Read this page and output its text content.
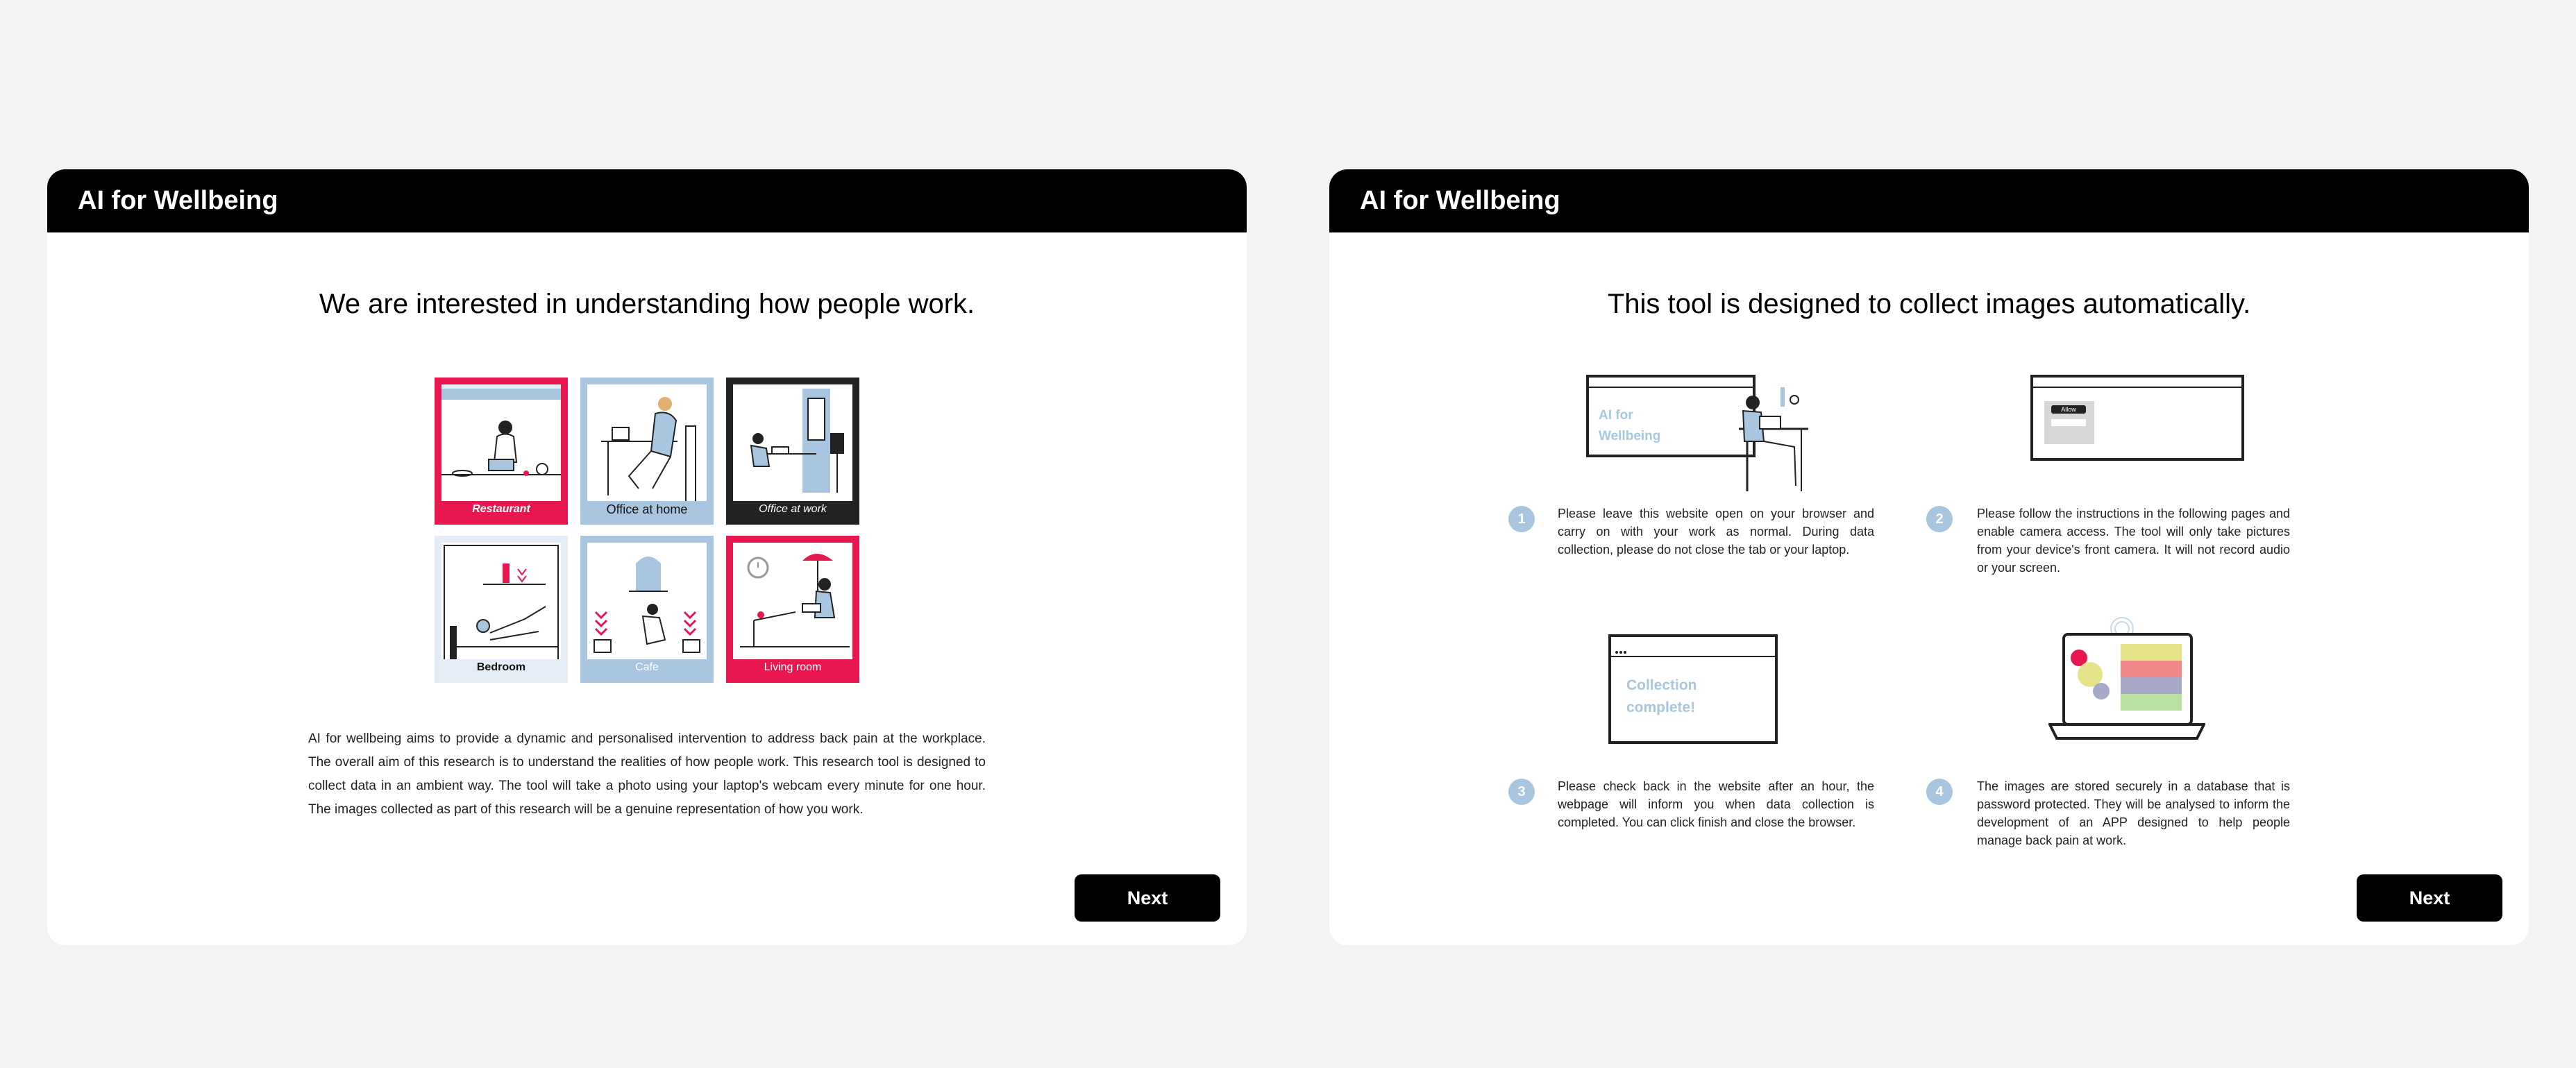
AI for Wellbeing
We are interested in understanding how people work.
Restaurant	Office at home	Office at work
Bedroom	Cafe	Living room
AI for wellbeing aims to provide a dynamic and personalised intervention to address back pain at the workplace. The overall aim of this research is to understand the realities of how people work. This research tool is designed to collect data in an ambient way. The tool will take a photo using your laptop's webcam every minute for one hour. The images collected as part of this research will be a genuine representation of how you work.
Next
AI for Wellbeing
This tool is designed to collect images automatically.
AI for
Wellbeing
1	Please leave this website open on your browser and carry on with your work as normal. During data collection, please do not close the tab or your laptop.
Allow
2	Please follow the instructions in the following pages and enable camera access. The tool will only take pictures from your device's front camera. It will not record audio or your screen.
Collection
complete!
3	Please check back in the website after an hour, the webpage will inform you when data collection is completed. You can click finish and close the browser.
4	The images are stored securely in a database that is password protected. They will be analysed to inform the development of an APP designed to help people manage back pain at work.
Next
